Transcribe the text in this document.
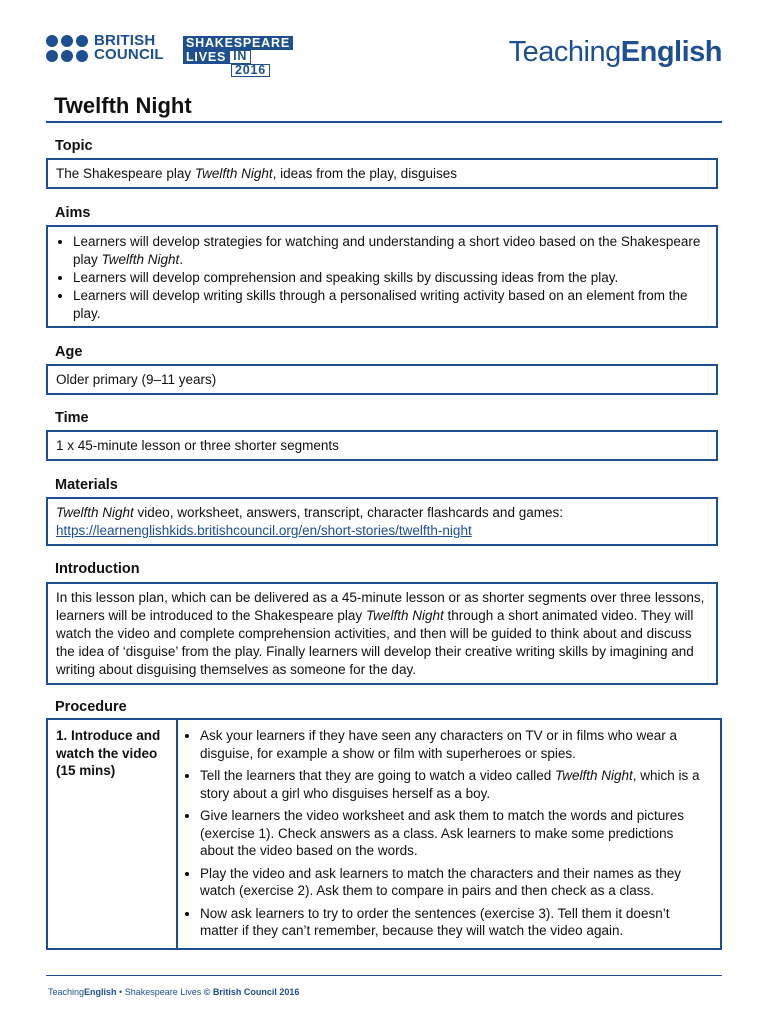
BRITISH
COUNCIL
SHAKESPEARE
LIVES IN
2016
TeachingEnglish
Twelfth Night
Topic
The Shakespeare play Twelfth Night, ideas from the play, disguises
Aims
• Learners will develop strategies for watching and understanding a short video based on the Shakespeare play Twelfth Night.
• Learners will develop comprehension and speaking skills by discussing ideas from the play.
• Learners will develop writing skills through a personalised writing activity based on an element from the play.
Age
Older primary (9–11 years)
Time
1 x 45-minute lesson or three shorter segments
Materials
Twelfth Night video, worksheet, answers, transcript, character flashcards and games:
https://learnenglishkids.britishcouncil.org/en/short-stories/twelfth-night
Introduction
In this lesson plan, which can be delivered as a 45-minute lesson or as shorter segments over three lessons, learners will be introduced to the Shakespeare play Twelfth Night through a short animated video. They will watch the video and complete comprehension activities, and then will be guided to think about and discuss the idea of ‘disguise’ from the play. Finally learners will develop their creative writing skills by imagining and writing about disguising themselves as someone for the day.
Procedure
1. Introduce and watch the video (15 mins)
• Ask your learners if they have seen any characters on TV or in films who wear a disguise, for example a show or film with superheroes or spies.
• Tell the learners that they are going to watch a video called Twelfth Night, which is a story about a girl who disguises herself as a boy.
• Give learners the video worksheet and ask them to match the words and pictures (exercise 1). Check answers as a class. Ask learners to make some predictions about the video based on the words.
• Play the video and ask learners to match the characters and their names as they watch (exercise 2). Ask them to compare in pairs and then check as a class.
• Now ask learners to try to order the sentences (exercise 3). Tell them it doesn’t matter if they can’t remember, because they will watch the video again.
TeachingEnglish • Shakespeare Lives © British Council 2016
